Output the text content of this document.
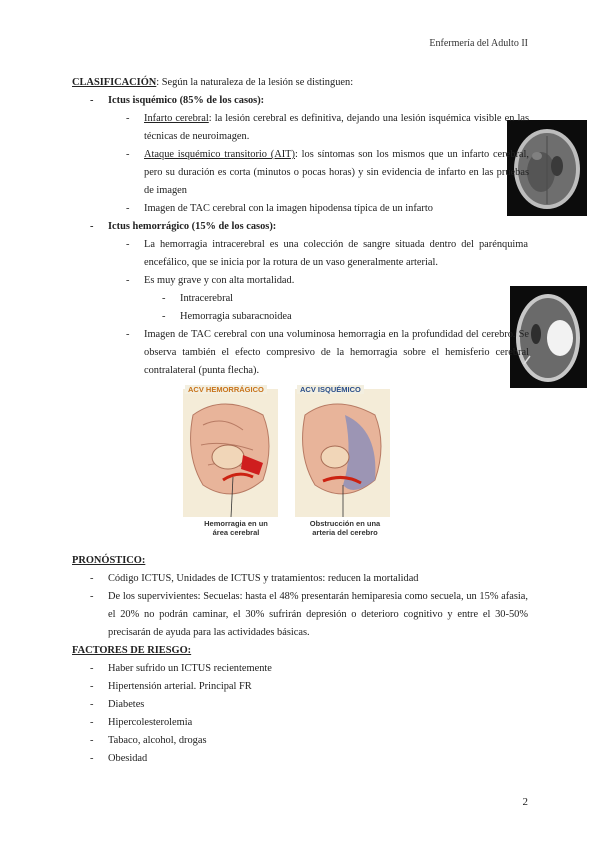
Enfermería del Adulto II
ACV HEMORRÁGICO	ACV ISQUÉMICO
Hemorragia en un
área cerebral
Obstrucción en una
arteria del cerebro
CLASIFICACIÓN: Según la naturaleza de la lesión se distinguen:
- Ictus isquémico (85% de los casos):
- Infarto cerebral: la lesión cerebral es definitiva, dejando una lesión isquémica visible en las técnicas de neuroimagen.
- Ataque isquémico transitorio (AIT): los síntomas son los mismos que un infarto cerebral, pero su duración es corta (minutos o pocas horas) y sin evidencia de infarto en las pruebas de imagen
- Imagen de TAC cerebral con la imagen hipodensa típica de un infarto
- Ictus hemorrágico (15% de los casos):
- La hemorragia intracerebral es una colección de sangre situada dentro del parénquima encefálico, que se inicia por la rotura de un vaso generalmente arterial.
- Es muy grave y con alta mortalidad.
- Intracerebral
- Hemorragia subaracnoidea
- Imagen de TAC cerebral con una voluminosa hemorragia en la profundidad del cerebro. Se observa también el efecto compresivo de la hemorragia sobre el hemisferio cerebral contralateral (punta flecha).
PRONÓSTICO:
- Código ICTUS, Unidades de ICTUS y tratamientos: reducen la mortalidad
- De los supervivientes: Secuelas: hasta el 48% presentarán hemiparesia como secuela, un 15% afasia, el 20% no podrán caminar, el 30% sufrirán depresión o deterioro cognitivo y entre el 30-50% precisarán de ayuda para las actividades básicas.
FACTORES DE RIESGO:
- Haber sufrido un ICTUS recientemente
- Hipertensión arterial. Principal FR
- Diabetes
- Hipercolesterolemia
- Tabaco, alcohol, drogas
- Obesidad
2
